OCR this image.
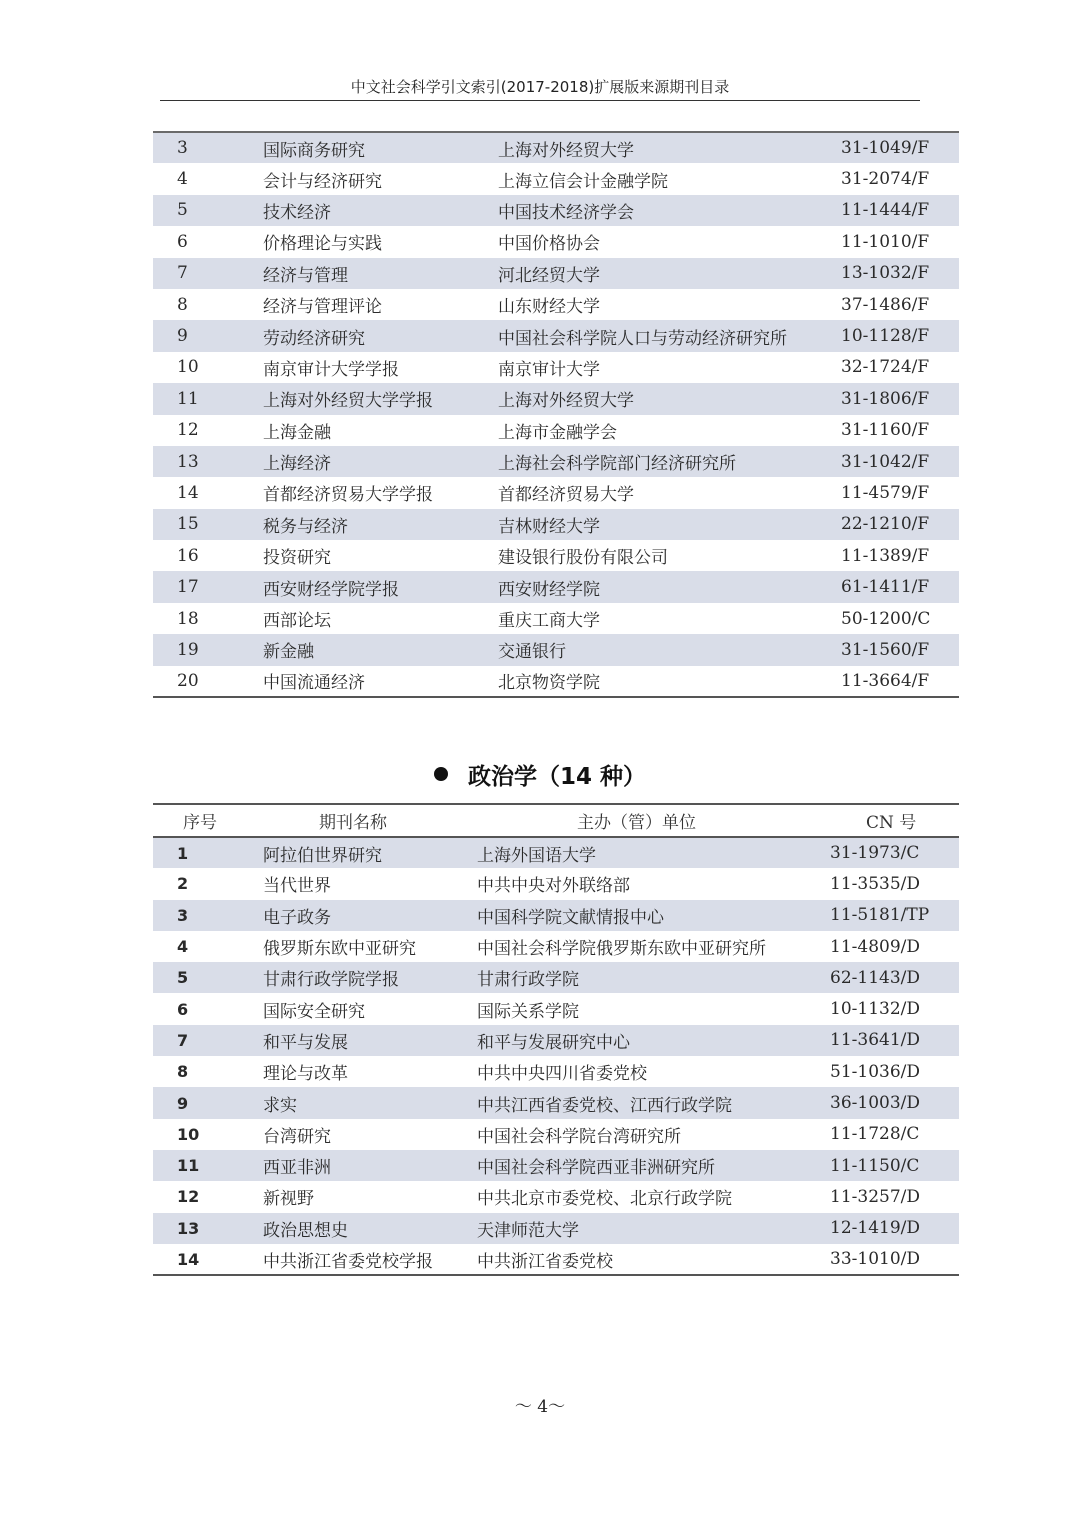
中文社会科学引文索引(2017-2018)扩展版来源期刊目录
3	国际商务研究	上海对外经贸大学	31-1049/F
4	会计与经济研究	上海立信会计金融学院	31-2074/F
5	技术经济	中国技术经济学会	11-1444/F
6	价格理论与实践	中国价格协会	11-1010/F
7	经济与管理	河北经贸大学	13-1032/F
8	经济与管理评论	山东财经大学	37-1486/F
9	劳动经济研究	中国社会科学院人口与劳动经济研究所	10-1128/F
10	南京审计大学学报	南京审计大学	32-1724/F
11	上海对外经贸大学学报	上海对外经贸大学	31-1806/F
12	上海金融	上海市金融学会	31-1160/F
13	上海经济	上海社会科学院部门经济研究所	31-1042/F
14	首都经济贸易大学学报	首都经济贸易大学	11-4579/F
15	税务与经济	吉林财经大学	22-1210/F
16	投资研究	建设银行股份有限公司	11-1389/F
17	西安财经学院学报	西安财经学院	61-1411/F
18	西部论坛	重庆工商大学	50-1200/C
19	新金融	交通银行	31-1560/F
20	中国流通经济	北京物资学院	11-3664/F
政治学（14 种）
序号	期刊名称	主办（管）单位	CN 号
1	阿拉伯世界研究	上海外国语大学	31-1973/C
2	当代世界	中共中央对外联络部	11-3535/D
3	电子政务	中国科学院文献情报中心	11-5181/TP
4	俄罗斯东欧中亚研究	中国社会科学院俄罗斯东欧中亚研究所	11-4809/D
5	甘肃行政学院学报	甘肃行政学院	62-1143/D
6	国际安全研究	国际关系学院	10-1132/D
7	和平与发展	和平与发展研究中心	11-3641/D
8	理论与改革	中共中央四川省委党校	51-1036/D
9	求实	中共江西省委党校、江西行政学院	36-1003/D
10	台湾研究	中国社会科学院台湾研究所	11-1728/C
11	西亚非洲	中国社会科学院西亚非洲研究所	11-1150/C
12	新视野	中共北京市委党校、北京行政学院	11-3257/D
13	政治思想史	天津师范大学	12-1419/D
14	中共浙江省委党校学报	中共浙江省委党校	33-1010/D
～ 4～
